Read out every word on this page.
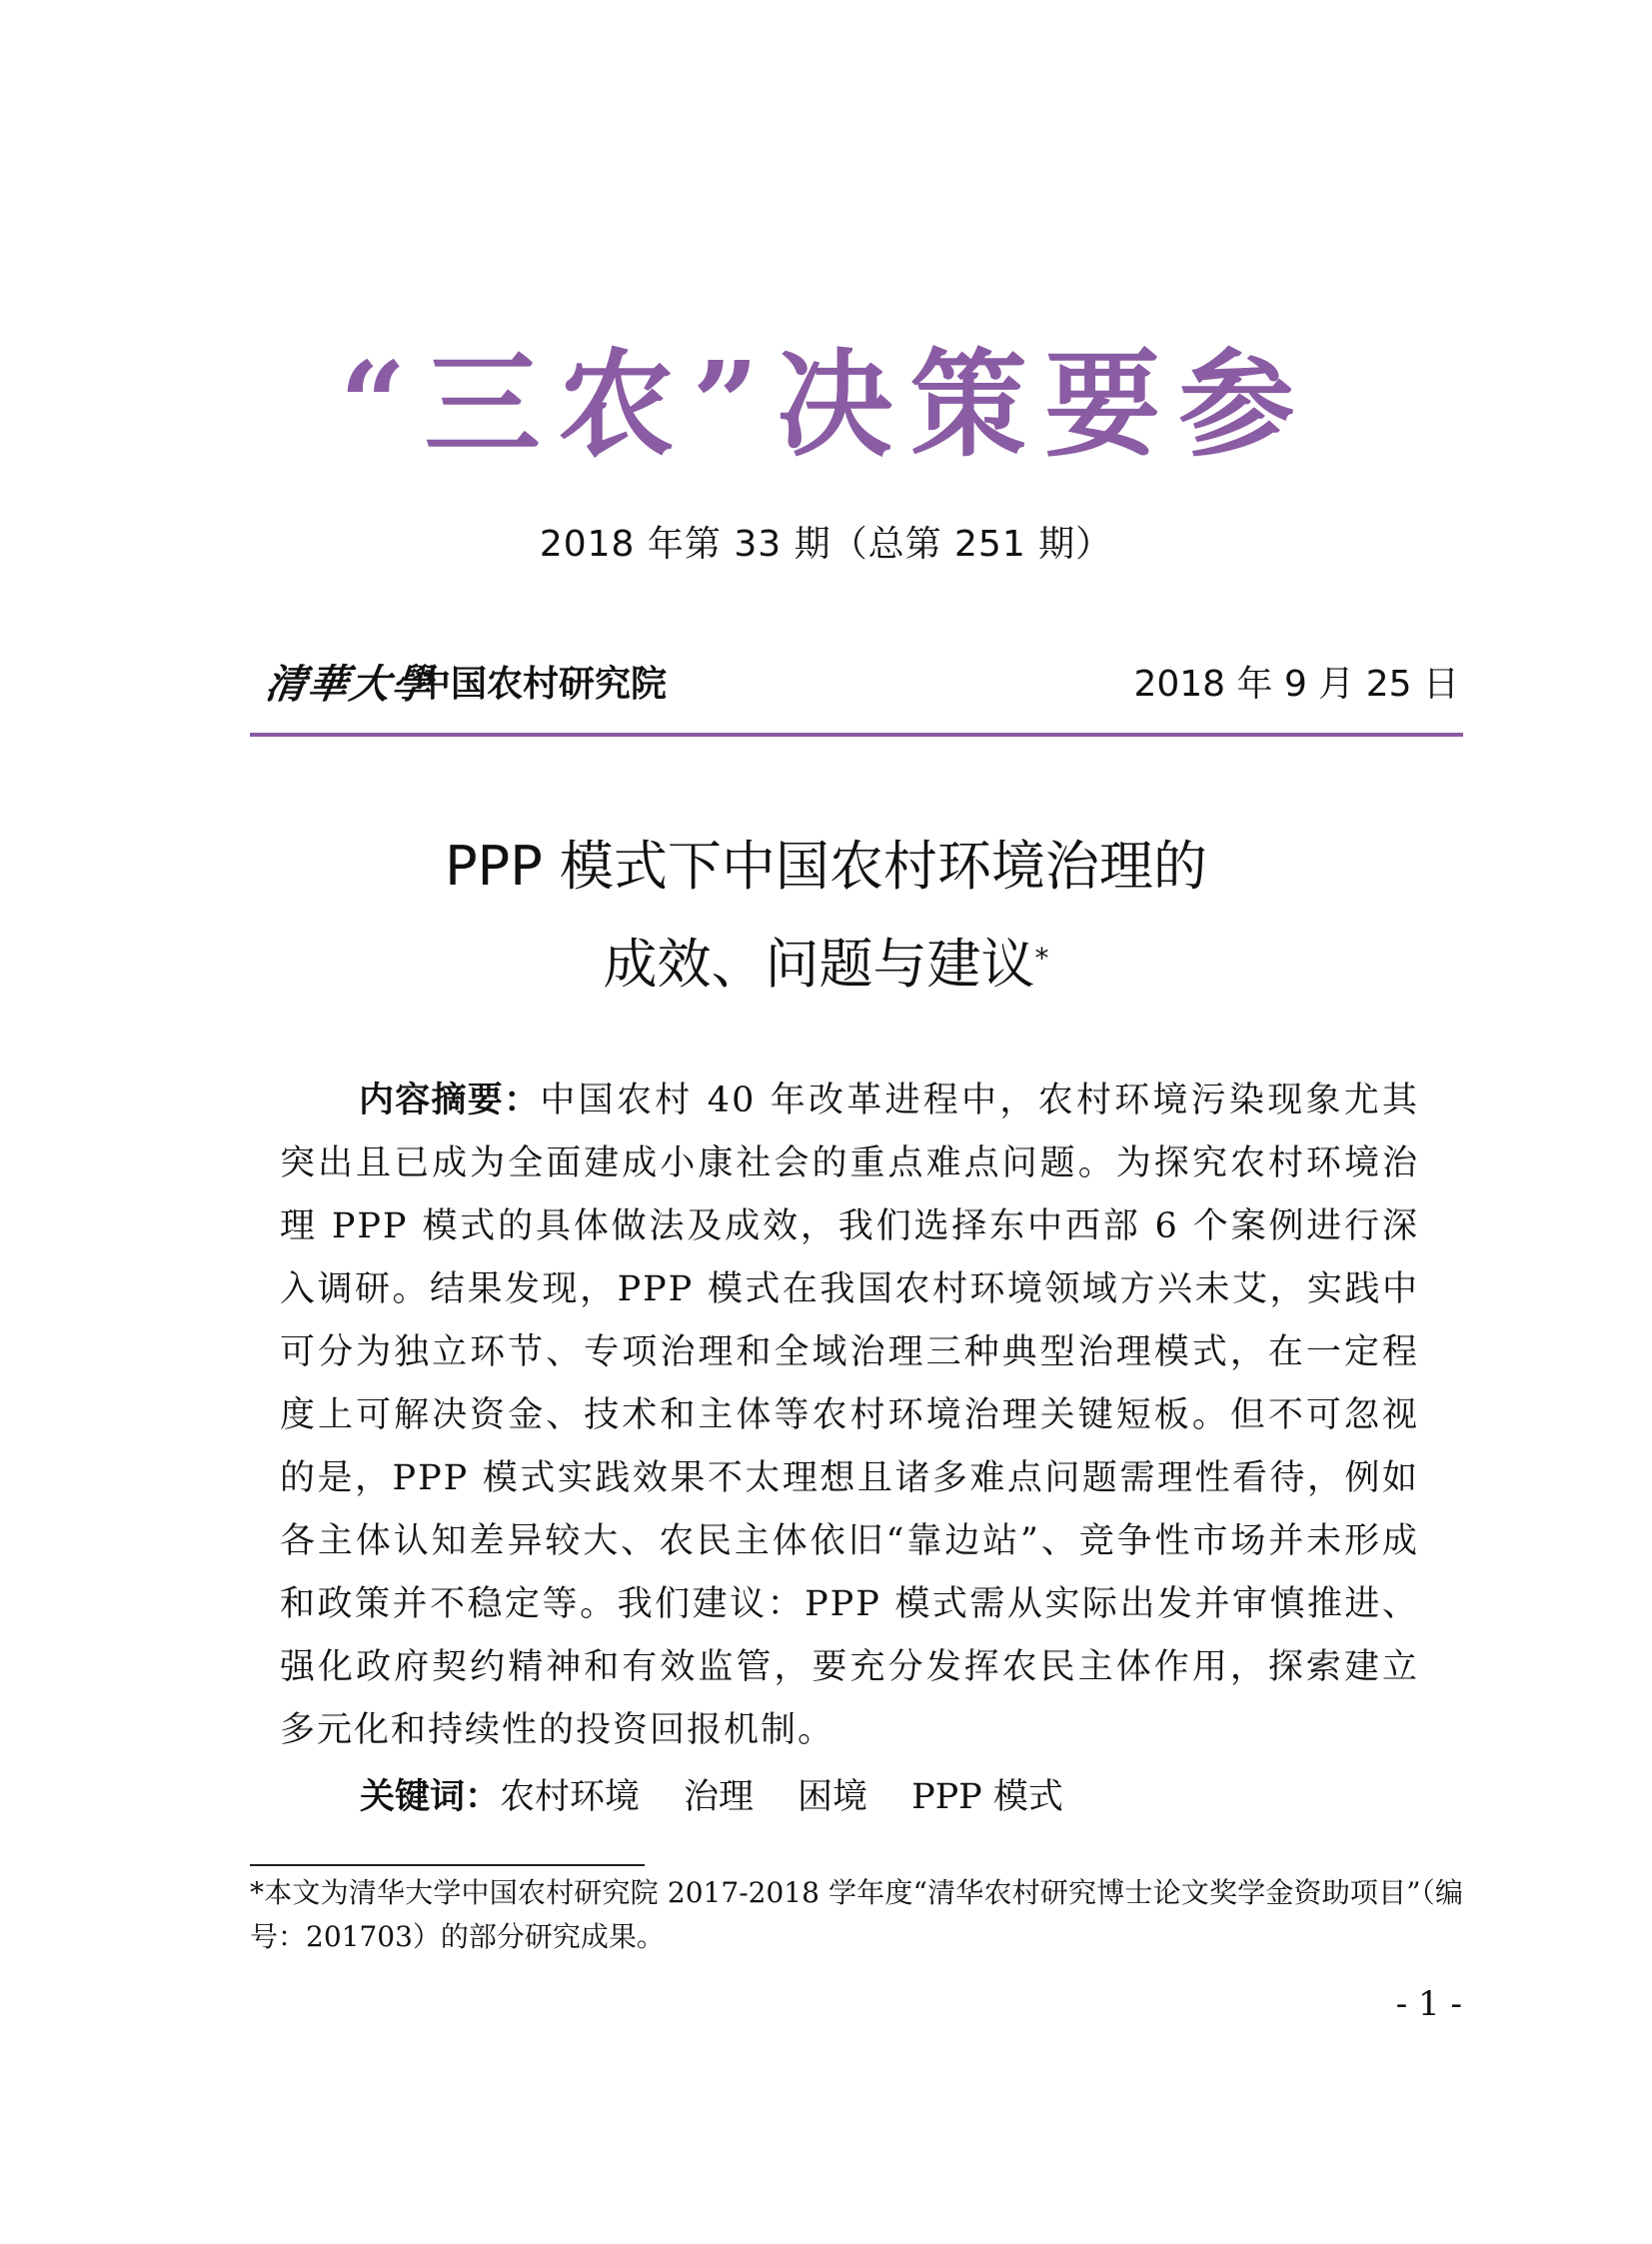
“三农”决策要参
2018 年第 33 期（总第 251 期）
清華大學
中国农村研究院	2018 年 9 月 25 日
PPP 模式下中国农村环境治理的
成效、问题与建议*

内容摘要：中国农村 40 年改革进程中，农村环境污染现象尤其突出且已成为全面建成小康社会的重点难点问题。为探究农村环境治理 PPP 模式的具体做法及成效，我们选择东中西部 6 个案例进行深入调研。结果发现，PPP 模式在我国农村环境领域方兴未艾，实践中可分为独立环节、专项治理和全域治理三种典型治理模式，在一定程度上可解决资金、技术和主体等农村环境治理关键短板。但不可忽视的是，PPP 模式实践效果不太理想且诸多难点问题需理性看待，例如各主体认知差异较大、农民主体依旧“靠边站”、竞争性市场并未形成和政策并不稳定等。我们建议：PPP 模式需从实际出发并审慎推进、强化政府契约精神和有效监管，要充分发挥农民主体作用，探索建立多元化和持续性的投资回报机制。

关键词：农村环境 治理 困境 PPP 模式

*本文为清华大学中国农村研究院 2017-2018 学年度“清华农村研究博士论文奖学金资助项目”（编号：201703）的部分研究成果。

- 1 -
